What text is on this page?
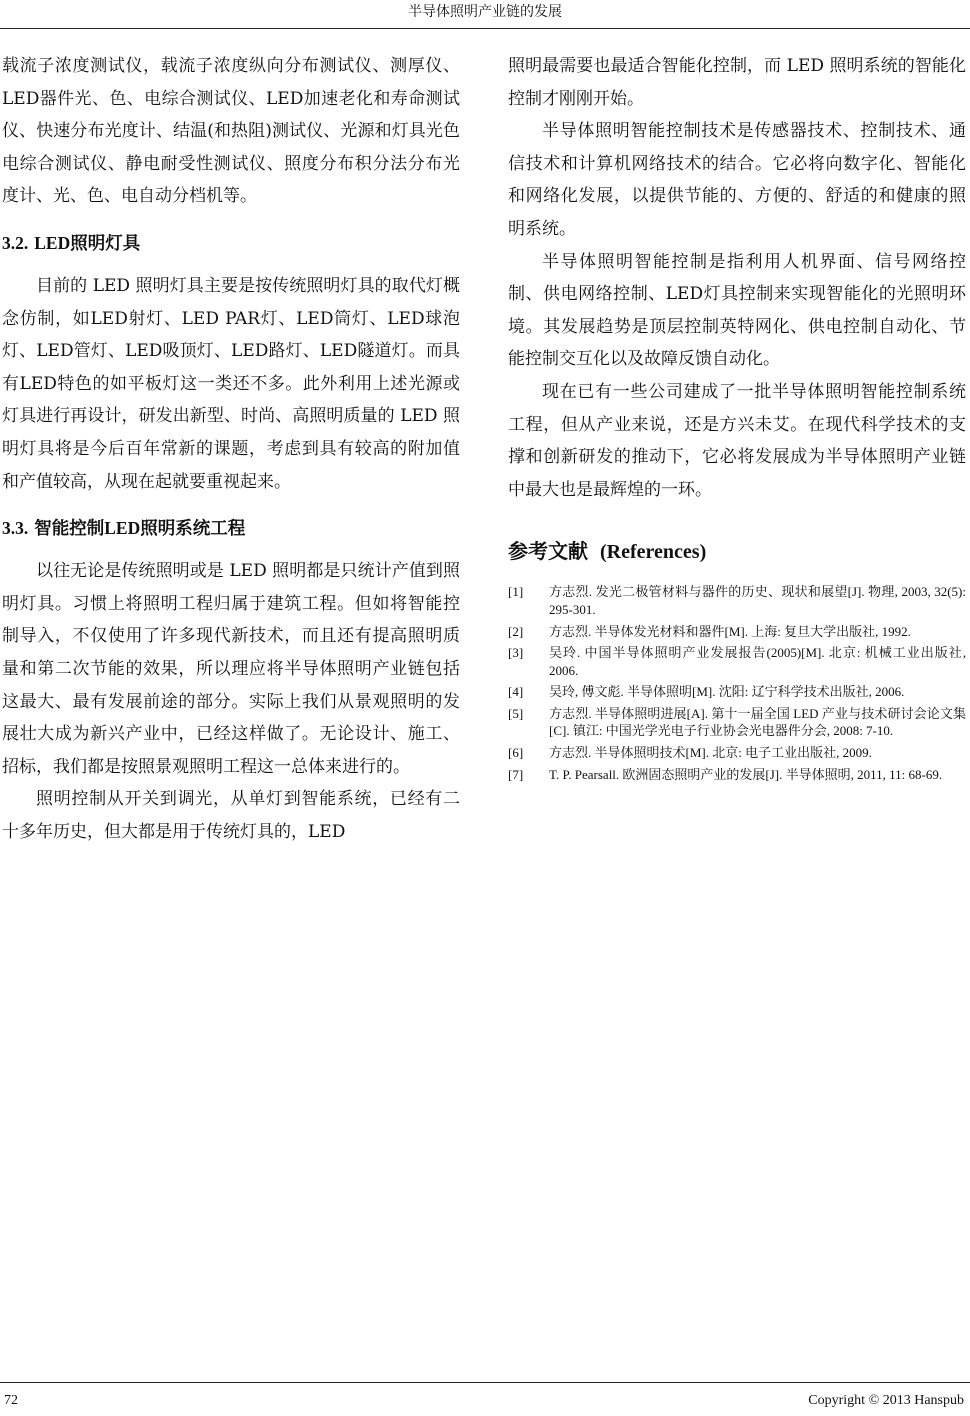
半导体照明产业链的发展

载流子浓度测试仪，载流子浓度纵向分布测试仪、测厚仪、LED器件光、色、电综合测试仪、LED加速老化和寿命测试仪、快速分布光度计、结温(和热阻)测试仪、光源和灯具光色电综合测试仪、静电耐受性测试仪、照度分布积分法分布光度计、光、色、电自动分档机等。

3.2. LED照明灯具

目前的 LED 照明灯具主要是按传统照明灯具的取代灯概念仿制，如LED射灯、LED PAR灯、LED筒灯、LED球泡灯、LED管灯、LED吸顶灯、LED路灯、LED隧道灯。而具有LED特色的如平板灯这一类还不多。此外利用上述光源或灯具进行再设计，研发出新型、时尚、高照明质量的 LED 照明灯具将是今后百年常新的课题，考虑到具有较高的附加值和产值较高，从现在起就要重视起来。

3.3. 智能控制LED照明系统工程

以往无论是传统照明或是 LED 照明都是只统计产值到照明灯具。习惯上将照明工程归属于建筑工程。但如将智能控制导入，不仅使用了许多现代新技术，而且还有提高照明质量和第二次节能的效果，所以理应将半导体照明产业链包括这最大、最有发展前途的部分。实际上我们从景观照明的发展壮大成为新兴产业中，已经这样做了。无论设计、施工、招标，我们都是按照景观照明工程这一总体来进行的。

照明控制从开关到调光，从单灯到智能系统，已经有二十多年历史，但大都是用于传统灯具的，LED

照明最需要也最适合智能化控制，而 LED 照明系统的智能化控制才刚刚开始。

半导体照明智能控制技术是传感器技术、控制技术、通信技术和计算机网络技术的结合。它必将向数字化、智能化和网络化发展，以提供节能的、方便的、舒适的和健康的照明系统。

半导体照明智能控制是指利用人机界面、信号网络控制、供电网络控制、LED灯具控制来实现智能化的光照明环境。其发展趋势是顶层控制英特网化、供电控制自动化、节能控制交互化以及故障反馈自动化。

现在已有一些公司建成了一批半导体照明智能控制系统工程，但从产业来说，还是方兴未艾。在现代科学技术的支撑和创新研发的推动下，它必将发展成为半导体照明产业链中最大也是最辉煌的一环。

参考文献 (References)
[1]	方志烈. 发光二极管材料与器件的历史、现状和展望[J]. 物理, 2003, 32(5): 295-301.
[2]	方志烈. 半导体发光材料和器件[M]. 上海: 复旦大学出版社, 1992.
[3]	吴玲. 中国半导体照明产业发展报告(2005)[M]. 北京: 机械工业出版社, 2006.
[4]	吴玲, 傅文彪. 半导体照明[M]. 沈阳: 辽宁科学技术出版社, 2006.
[5]	方志烈. 半导体照明进展[A]. 第十一届全国 LED 产业与技术研讨会论文集[C]. 镇江: 中国光学光电子行业协会光电器件分会, 2008: 7-10.
[6]	方志烈. 半导体照明技术[M]. 北京: 电子工业出版社, 2009.
[7]	T. P. Pearsall. 欧洲固态照明产业的发展[J]. 半导体照明, 2011, 11: 68-69.
72	Copyright © 2013 Hanspub
